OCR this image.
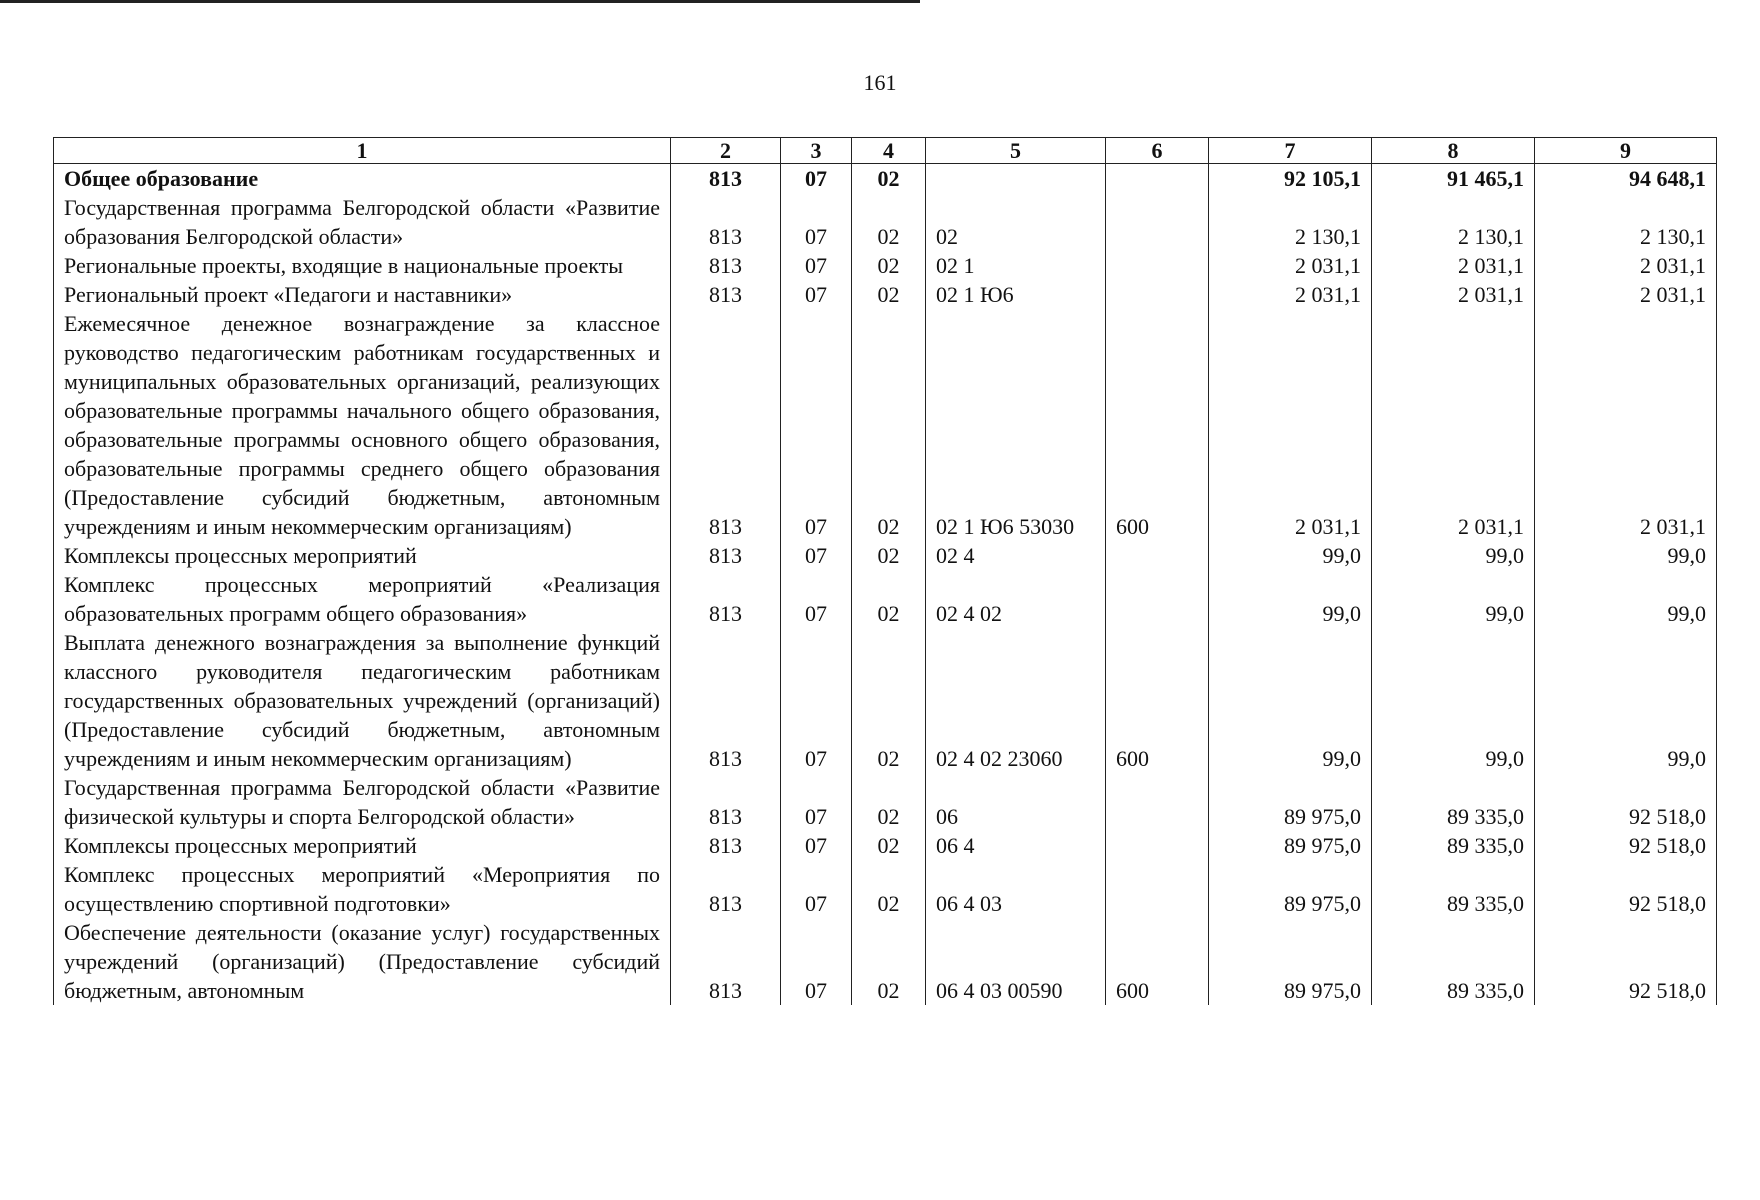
161
1	2	3	4	5	6	7	8	9
Общее образование	813	07	02			92 105,1	91 465,1	94 648,1
Государственная программа Белгородской области «Развитие образования Белгородской области»	813	07	02	02		2 130,1	2 130,1	2 130,1
Региональные проекты, входящие в национальные проекты	813	07	02	02 1		2 031,1	2 031,1	2 031,1
Региональный проект «Педагоги и наставники»	813	07	02	02 1 Ю6		2 031,1	2 031,1	2 031,1
Ежемесячное денежное вознаграждение за классное руководство педагогическим работникам государственных и муниципальных образовательных организаций, реализующих образовательные программы начального общего образования, образовательные программы основного общего образования, образовательные программы среднего общего образования (Предоставление субсидий бюджетным, автономным учреждениям и иным некоммерческим организациям)	813	07	02	02 1 Ю6 53030	600	2 031,1	2 031,1	2 031,1
Комплексы процессных мероприятий	813	07	02	02 4		99,0	99,0	99,0
Комплекс процессных мероприятий «Реализация образовательных программ общего образования»	813	07	02	02 4 02		99,0	99,0	99,0
Выплата денежного вознаграждения за выполнение функций классного руководителя педагогическим работникам государственных образовательных учреждений (организаций) (Предоставление субсидий бюджетным, автономным учреждениям и иным некоммерческим организациям)	813	07	02	02 4 02 23060	600	99,0	99,0	99,0
Государственная программа Белгородской области «Развитие физической культуры и спорта Белгородской области»	813	07	02	06		89 975,0	89 335,0	92 518,0
Комплексы процессных мероприятий	813	07	02	06 4		89 975,0	89 335,0	92 518,0
Комплекс процессных мероприятий «Мероприятия по осуществлению спортивной подготовки»	813	07	02	06 4 03		89 975,0	89 335,0	92 518,0
Обеспечение деятельности (оказание услуг) государственных учреждений (организаций) (Предоставление субсидий бюджетным, автономным	813	07	02	06 4 03 00590	600	89 975,0	89 335,0	92 518,0
